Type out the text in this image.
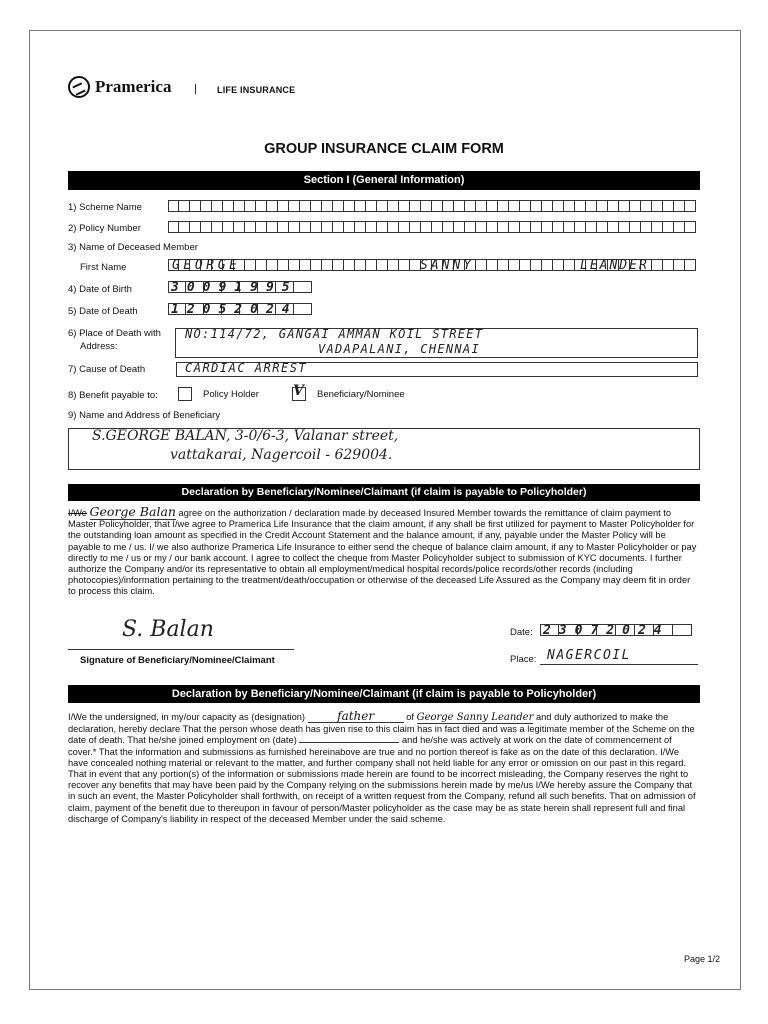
Pramerica	LIFE INSURANCE
GROUP INSURANCE CLAIM FORM
Section I (General Information)
1) Scheme Name
2) Policy Number
3) Name of Deceased Member
First Name	GEORGE	SANNY	LEANDER
4) Date of Birth	30091995
5) Date of Death	12052024
6) Place of Death with
Address:
NO:114/72, GANGAI AMMAN KOIL STREET
VADAPALANI, CHENNAI
7) Cause of Death	CARDIAC ARREST
8) Benefit payable to:	Policy Holder V Beneficiary/Nominee
9) Name and Address of Beneficiary
S.GEORGE BALAN, 3-0/6-3, Valanar street,
vattakarai, Nagercoil - 629004.
Declaration by Beneficiary/Nominee/Claimant (if claim is payable to Policyholder)
I/We George Balan agree on the authorization / declaration made by deceased Insured Member towards the remittance of claim payment to Master Policyholder, that I/we agree to Pramerica Life Insurance that the claim amount, if any shall be first utilized for payment to Master Policyholder for the outstanding loan amount as specified in the Credit Account Statement and the balance amount, if any, payable under the Master Policy will be payable to me / us. I/ we also authorize Pramerica Life Insurance to either send the cheque of balance claim amount, if any to Master Policyholder or pay directly to me / us or my / our bank account. I agree to collect the cheque from Master Policyholder subject to submission of KYC documents. I further authorize the Company and/or its representative to obtain all employment/medical hospital records/police records/other records (including photocopies)/information pertaining to the treatment/death/occupation or otherwise of the deceased Life Assured as the Company may deem fit in order to process this claim.
S. Balan
Signature of Beneficiary/Nominee/Claimant
Date: 23072024
Place: NAGERCOIL
Declaration by Beneficiary/Nominee/Claimant (if claim is payable to Policyholder)
I/We the undersigned, in my/our capacity as (designation)	father	of George Sanny Leander and duly authorized to make the declaration, hereby declare That the person whose death has given rise to this claim has in fact died and was a legitimate member of the Scheme on the date of death. That he/she joined employment on (date)	and he/she was actively at work on the date of commencement of cover.* That the information and submissions as furnished hereinabove are true and no portion thereof is fake as on the date of this declaration. I/We have concealed nothing material or relevant to the matter, and further company shall not held liable for any error or omission on our past in this regard. That in event that any portion(s) of the information or submissions made herein are found to be incorrect misleading, the Company reserves the right to recover any benefits that may have been paid by the Company relying on the submissions herein made by me/us I/We hereby assure the Company that in such an event, the Master Policyholder shall forthwith, on receipt of a written request from the Company, refund all such benefits. That on admission of claim, payment of the benefit due to thereupon in favour of person/Master policyholder as the case may be as state herein shall represent full and final discharge of Company's liability in respect of the deceased Member under the said scheme.
Page 1/2
